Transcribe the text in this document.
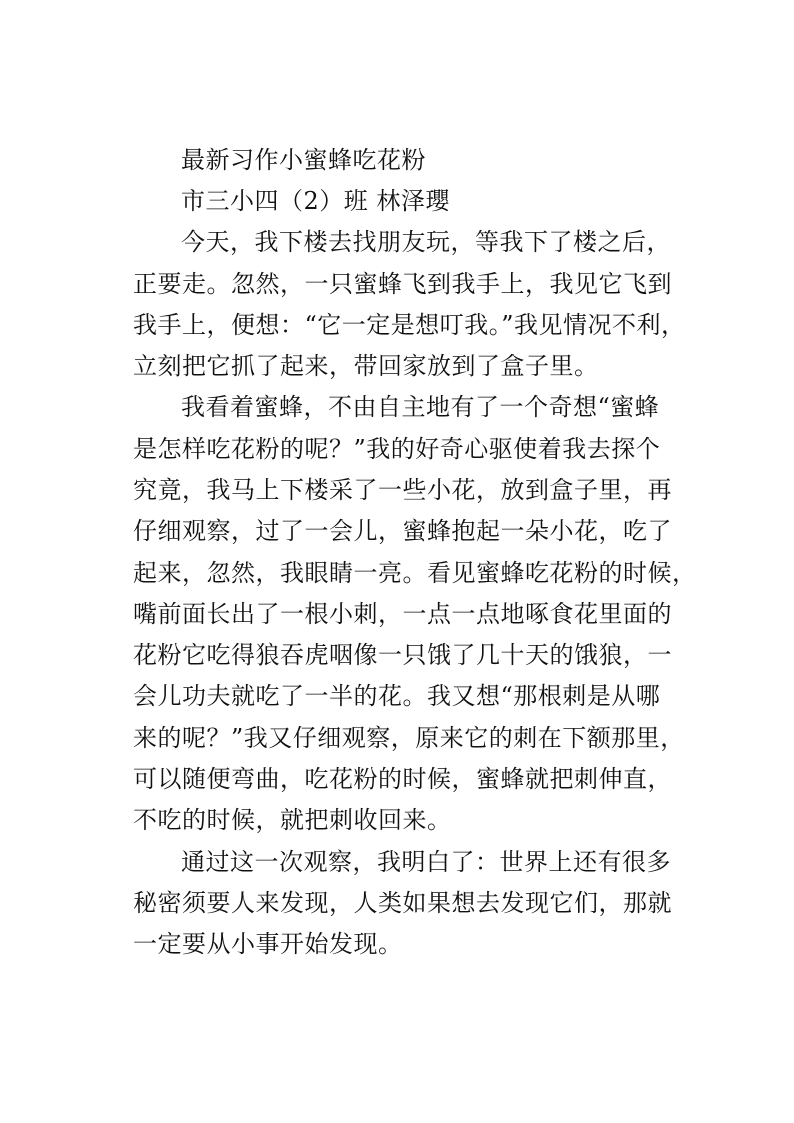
最新习作小蜜蜂吃花粉
市三小四（2）班 林泽瓔
今天，我下楼去找朋友玩，等我下了楼之后，
正要走。忽然，一只蜜蜂飞到我手上，我见它飞到
我手上，便想：“它一定是想叮我。”我见情况不利，
立刻把它抓了起来，带回家放到了盒子里。
我看着蜜蜂，不由自主地有了一个奇想“蜜蜂
是怎样吃花粉的呢？”我的好奇心驱使着我去探个
究竟，我马上下楼采了一些小花，放到盒子里，再
仔细观察，过了一会儿，蜜蜂抱起一朵小花，吃了
起来，忽然，我眼睛一亮。看见蜜蜂吃花粉的时候，
嘴前面长出了一根小刺，一点一点地啄食花里面的
花粉它吃得狼吞虎咽像一只饿了几十天的饿狼，一
会儿功夫就吃了一半的花。我又想“那根刺是从哪
来的呢？”我又仔细观察，原来它的刺在下额那里，
可以随便弯曲，吃花粉的时候，蜜蜂就把刺伸直，
不吃的时候，就把刺收回来。
通过这一次观察，我明白了：世界上还有很多
秘密须要人来发现，人类如果想去发现它们，那就
一定要从小事开始发现。
